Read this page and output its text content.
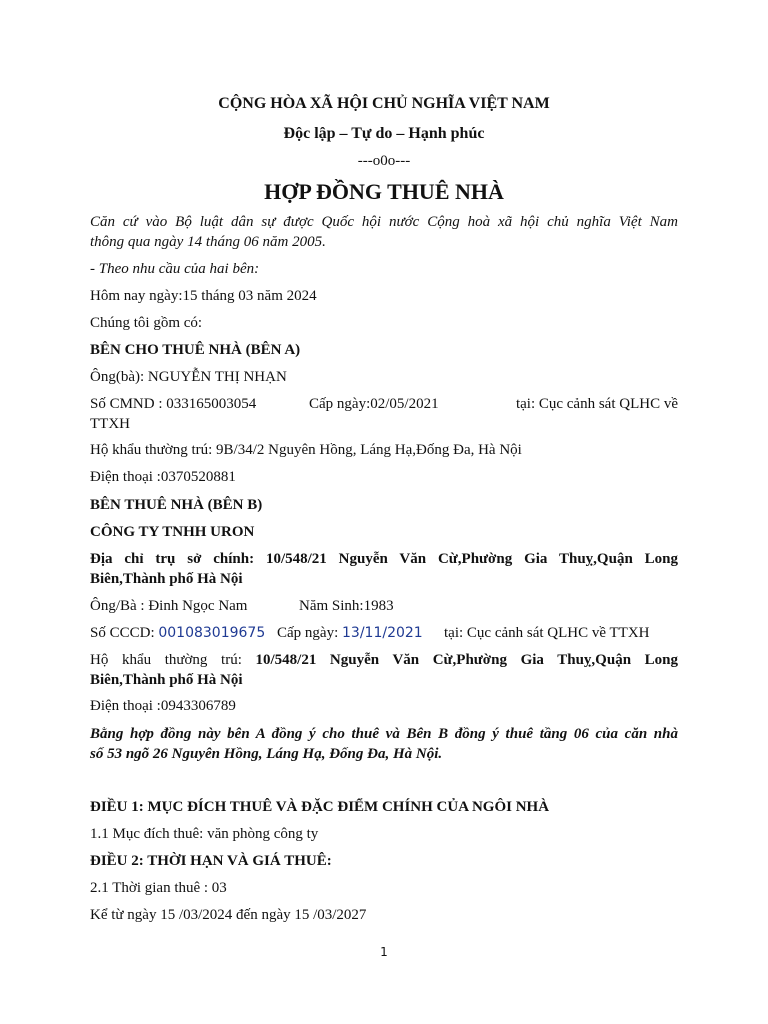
CỘNG HÒA XÃ HỘI CHỦ NGHĨA VIỆT NAM
Độc lập – Tự do – Hạnh phúc
---o0o---
HỢP ĐỒNG THUÊ NHÀ
Căn cứ vào Bộ luật dân sự được Quốc hội nước Cộng hoà xã hội chủ nghĩa Việt Nam
thông qua ngày 14 tháng 06 năm 2005.
- Theo nhu cầu của hai bên:
Hôm nay ngày:15 tháng 03 năm 2024
Chúng tôi gồm có:
BÊN CHO THUÊ NHÀ (BÊN A)
Ông(bà): NGUYỄN THỊ NHẠN
Số CMND : 033165003054	Cấp ngày:02/05/2021	tại: Cục cảnh sát QLHC về
TTXH
Hộ khẩu thường trú: 9B/34/2 Nguyên Hồng, Láng Hạ,Đống Đa, Hà Nội
Điện thoại :0370520881
BÊN THUÊ NHÀ (BÊN B)
CÔNG TY TNHH URON
Địa chỉ trụ sở chính: 10/548/21 Nguyễn Văn Cừ,Phường Gia Thuỵ,Quận Long
Biên,Thành phố Hà Nội
Ông/Bà : Đinh Ngọc Nam	Năm Sinh:1983
Số CCCD: 001083019675 Cấp ngày: 13/11/2021 tại: Cục cảnh sát QLHC về TTXH
Hộ khẩu thường trú: 10/548/21 Nguyễn Văn Cừ,Phường Gia Thuỵ,Quận Long
Biên,Thành phố Hà Nội
Điện thoại :0943306789
Bằng hợp đồng này bên A đồng ý cho thuê và Bên B đồng ý thuê tầng 06 của căn nhà
số 53 ngõ 26 Nguyên Hồng, Láng Hạ, Đống Đa, Hà Nội.
ĐIỀU 1: MỤC ĐÍCH THUÊ VÀ ĐẶC ĐIỂM CHÍNH CỦA NGÔI NHÀ
1.1 Mục đích thuê: văn phòng công ty
ĐIỀU 2: THỜI HẠN VÀ GIÁ THUÊ:
2.1 Thời gian thuê : 03
Kể từ ngày 15 /03/2024 đến ngày 15 /03/2027
1
